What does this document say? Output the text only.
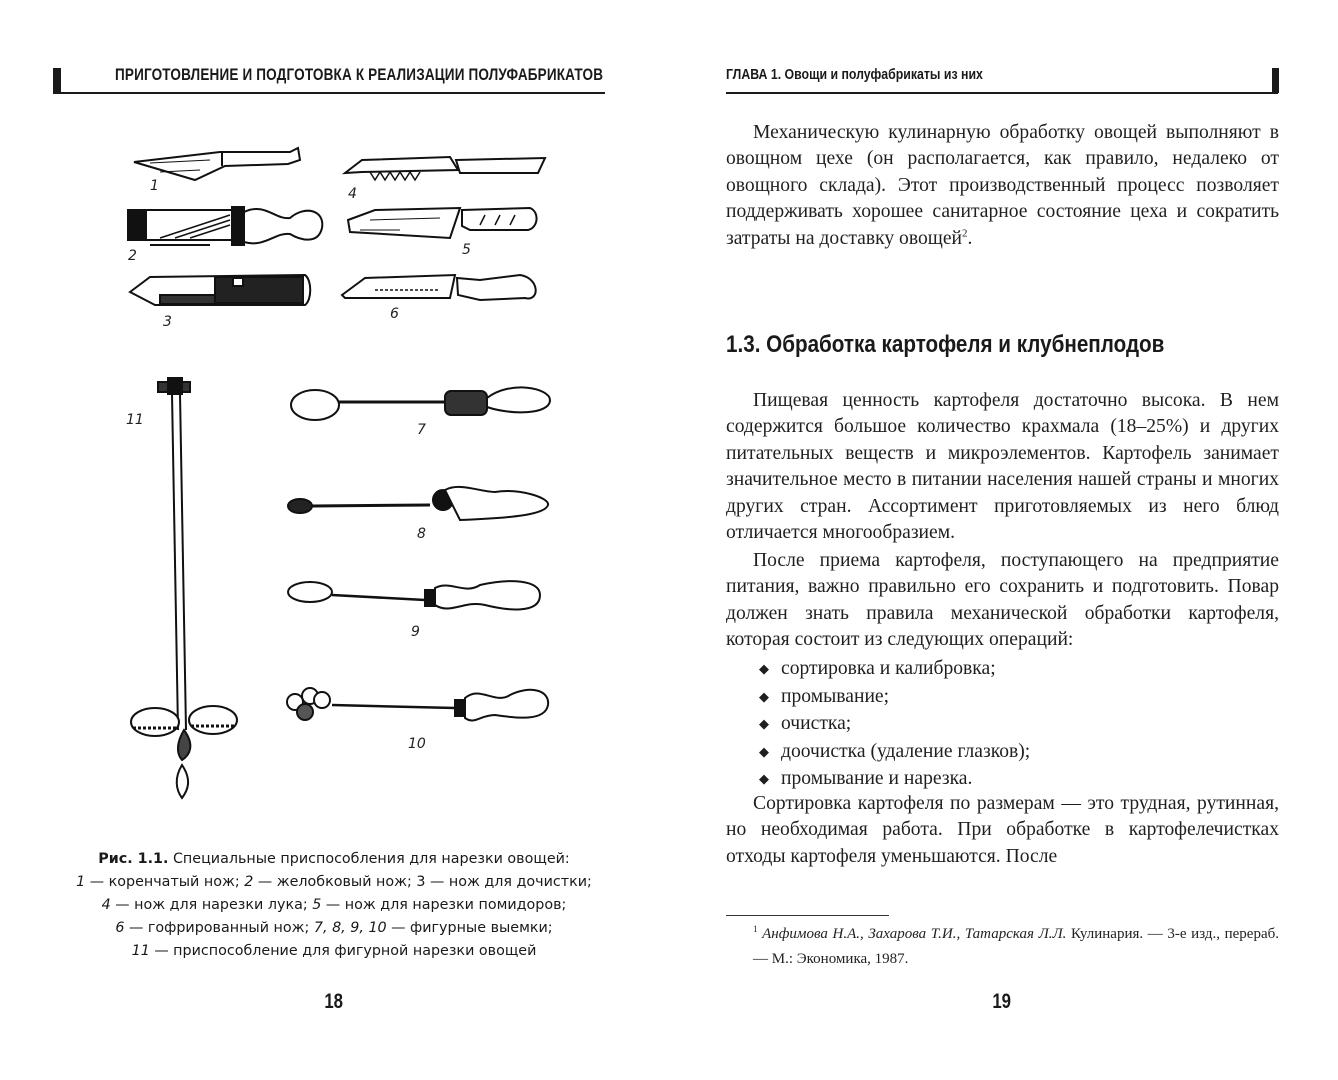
ПРИГОТОВЛЕНИЕ И ПОДГОТОВКА К РЕАЛИЗАЦИИ ПОЛУФАБРИКАТОВ
1
2
3
4
5
6
7
8
9
10
11
Рис. 1.1. Специальные приспособления для нарезки овощей:
1 — коренчатый нож; 2 — желобковый нож; 3 — нож для дочистки;
4 — нож для нарезки лука; 5 — нож для нарезки помидоров;
6 — гофрированный нож; 7, 8, 9, 10 — фигурные выемки;
11 — приспособление для фигурной нарезки овощей
18
ГЛАВА 1. Овощи и полуфабрикаты из них

Механическую кулинарную обработку овощей выполняют в овощном цехе (он располагается, как правило, недалеко от овощного склада). Этот производственный процесс позволяет поддерживать хорошее санитарное состояние цеха и сократить затраты на доставку овощей$^2$.

1.3. Обработка картофеля и клубнеплодов

Пищевая ценность картофеля достаточно высока. В нем содержится большое количество крахмала (18–25%) и других питательных веществ и микроэлементов. Картофель занимает значительное место в питании населения нашей страны и многих других стран. Ассортимент приготовляемых из него блюд отличается многообразием.

После приема картофеля, поступающего на предприятие питания, важно правильно его сохранить и подготовить. Повар должен знать правила механической обработки картофеля, которая состоит из следующих операций:

◆ сортировка и калибровка;
◆ промывание;
◆ очистка;
◆ доочистка (удаление глазков);
◆ промывание и нарезка.

Сортировка картофеля по размерам — это трудная, рутинная, но необходимая работа. При обработке в картофелечистках отходы картофеля уменьшаются. После

$^1$ Анфимова Н.А., Захарова Т.И., Татарская Л.Л. Кулинария. — 3-е изд., перераб. — М.: Экономика, 1987.
19
